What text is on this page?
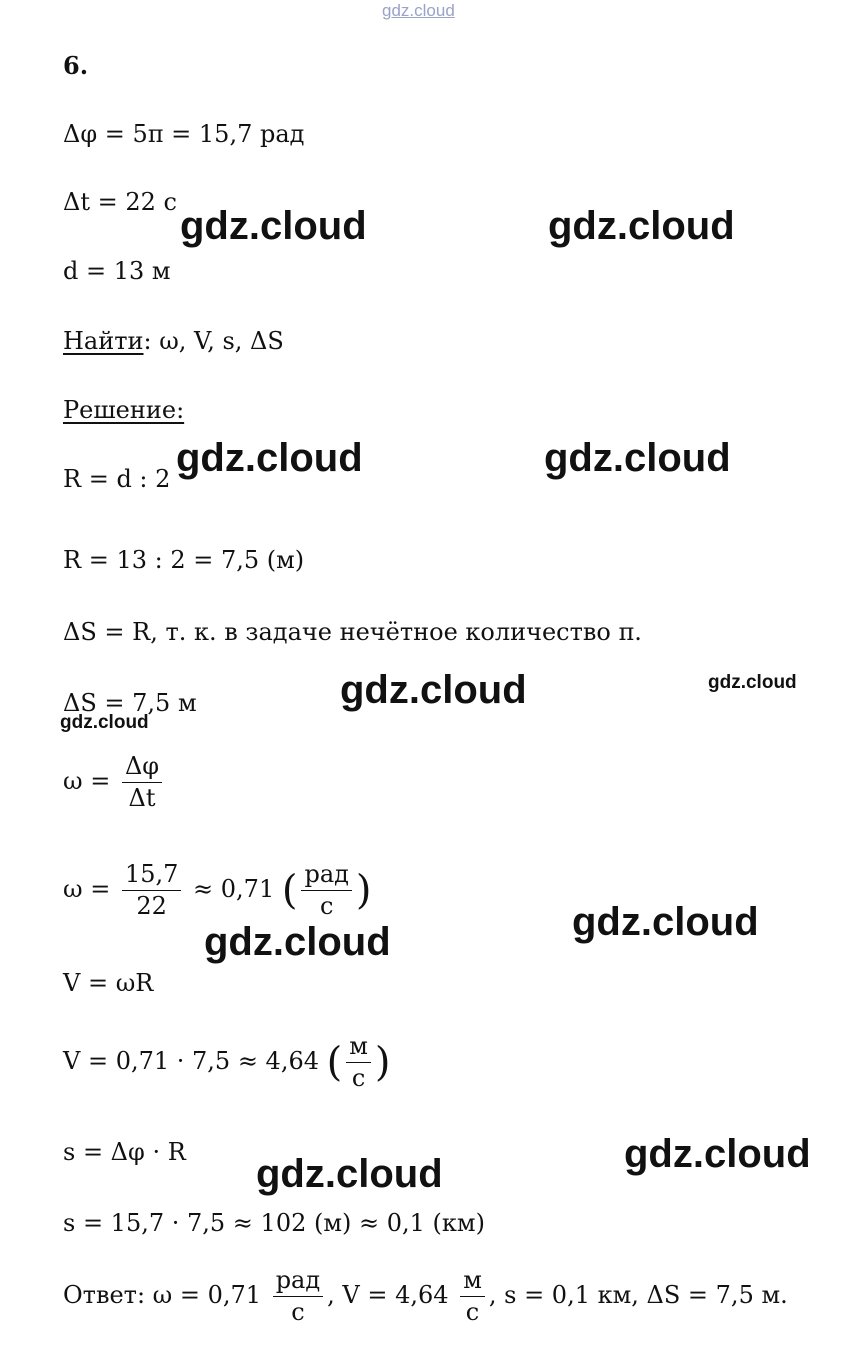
gdz.cloud
6.
Δφ = 5π = 15,7 рад
Δt = 22 с
d = 13 м
Найти: ω, V, s, ΔS
Решение:
R = d : 2
R = 13 : 2 = 7,5 (м)
ΔS = R, т. к. в задаче нечётное количество π.
ΔS = 7,5 м
$\omega = \frac{\Delta\varphi}{\Delta t}$
$\omega = \frac{15,7}{22} \approx 0,71$ ( $\frac{\text{рад}}{с}$ )
V = ωR
V = 0,71 · 7,5 ≈ 4,64 ( $\frac{м}{с}$ )
s = Δφ · R
s = 15,7 · 7,5 ≈ 102 (м) ≈ 0,1 (км)
Ответ: $\omega = 0,71 \frac{\text{рад}}{с}$ , $V = 4,64 \frac{м}{с}$ , s = 0,1 км, ΔS = 7,5 м.
gdz.cloud	gdz.cloud
gdz.cloud	gdz.cloud
gdz.cloud	gdz.cloud
gdz.cloud
gdz.cloud
gdz.cloud
gdz.cloud
gdz.cloud
